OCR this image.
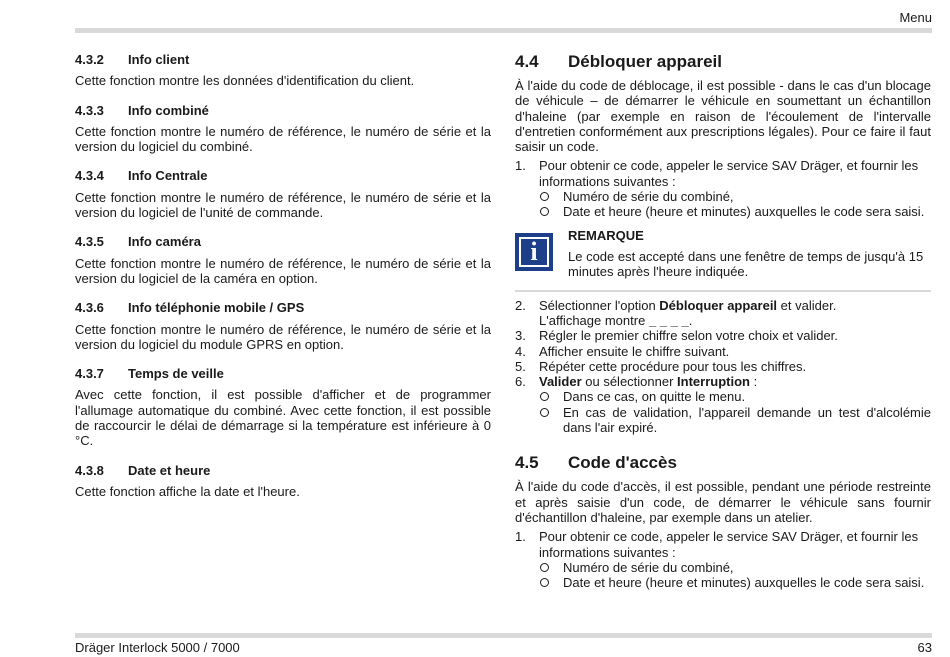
Menu
4.3.2	Info client
Cette fonction montre les données d'identification du client.
4.3.3	Info combiné
Cette fonction montre le numéro de référence, le numéro de série et la version du logiciel du combiné.
4.3.4	Info Centrale
Cette fonction montre le numéro de référence, le numéro de série et la version du logiciel de l'unité de commande.
4.3.5	Info caméra
Cette fonction montre le numéro de référence, le numéro de série et la version du logiciel de la caméra en option.
4.3.6	Info téléphonie mobile / GPS
Cette fonction montre le numéro de référence, le numéro de série et la version du logiciel du module GPRS en option.
4.3.7	Temps de veille
Avec cette fonction, il est possible d'afficher et de programmer l'allumage automatique du combiné. Avec cette fonction, il est possible de raccourcir le délai de démarrage si la température est inférieure à 0 °C.
4.3.8	Date et heure
Cette fonction affiche la date et l'heure.
4.4	Débloquer appareil
À l'aide du code de déblocage, il est possible - dans le cas d'un blocage de véhicule – de démarrer le véhicule en soumettant un échantillon d'haleine (par exemple en raison de l'écoulement de l'intervalle d'entretien conformément aux prescriptions légales). Pour ce faire il faut saisir un code.
1. Pour obtenir ce code, appeler le service SAV Dräger, et fournir les informations suivantes :
Numéro de série du combiné,
Date et heure (heure et minutes) auxquelles le code sera saisi.
i
REMARQUE
Le code est accepté dans une fenêtre de temps de jusqu'à 15 minutes après l'heure indiquée.
2. Sélectionner l'option Débloquer appareil et valider.
L'affichage montre _ _ _ _.
3. Régler le premier chiffre selon votre choix et valider.
4. Afficher ensuite le chiffre suivant.
5. Répéter cette procédure pour tous les chiffres.
6. Valider ou sélectionner Interruption :
Dans ce cas, on quitte le menu.
En cas de validation, l'appareil demande un test d'alcolémie dans l'air expiré.
4.5	Code d'accès
À l'aide du code d'accès, il est possible, pendant une période restreinte et après saisie d'un code, de démarrer le véhicule sans fournir d'échantillon d'haleine, par exemple dans un atelier.
1. Pour obtenir ce code, appeler le service SAV Dräger, et fournir les informations suivantes :
Numéro de série du combiné,
Date et heure (heure et minutes) auxquelles le code sera saisi.
Dräger Interlock 5000 / 7000	63
